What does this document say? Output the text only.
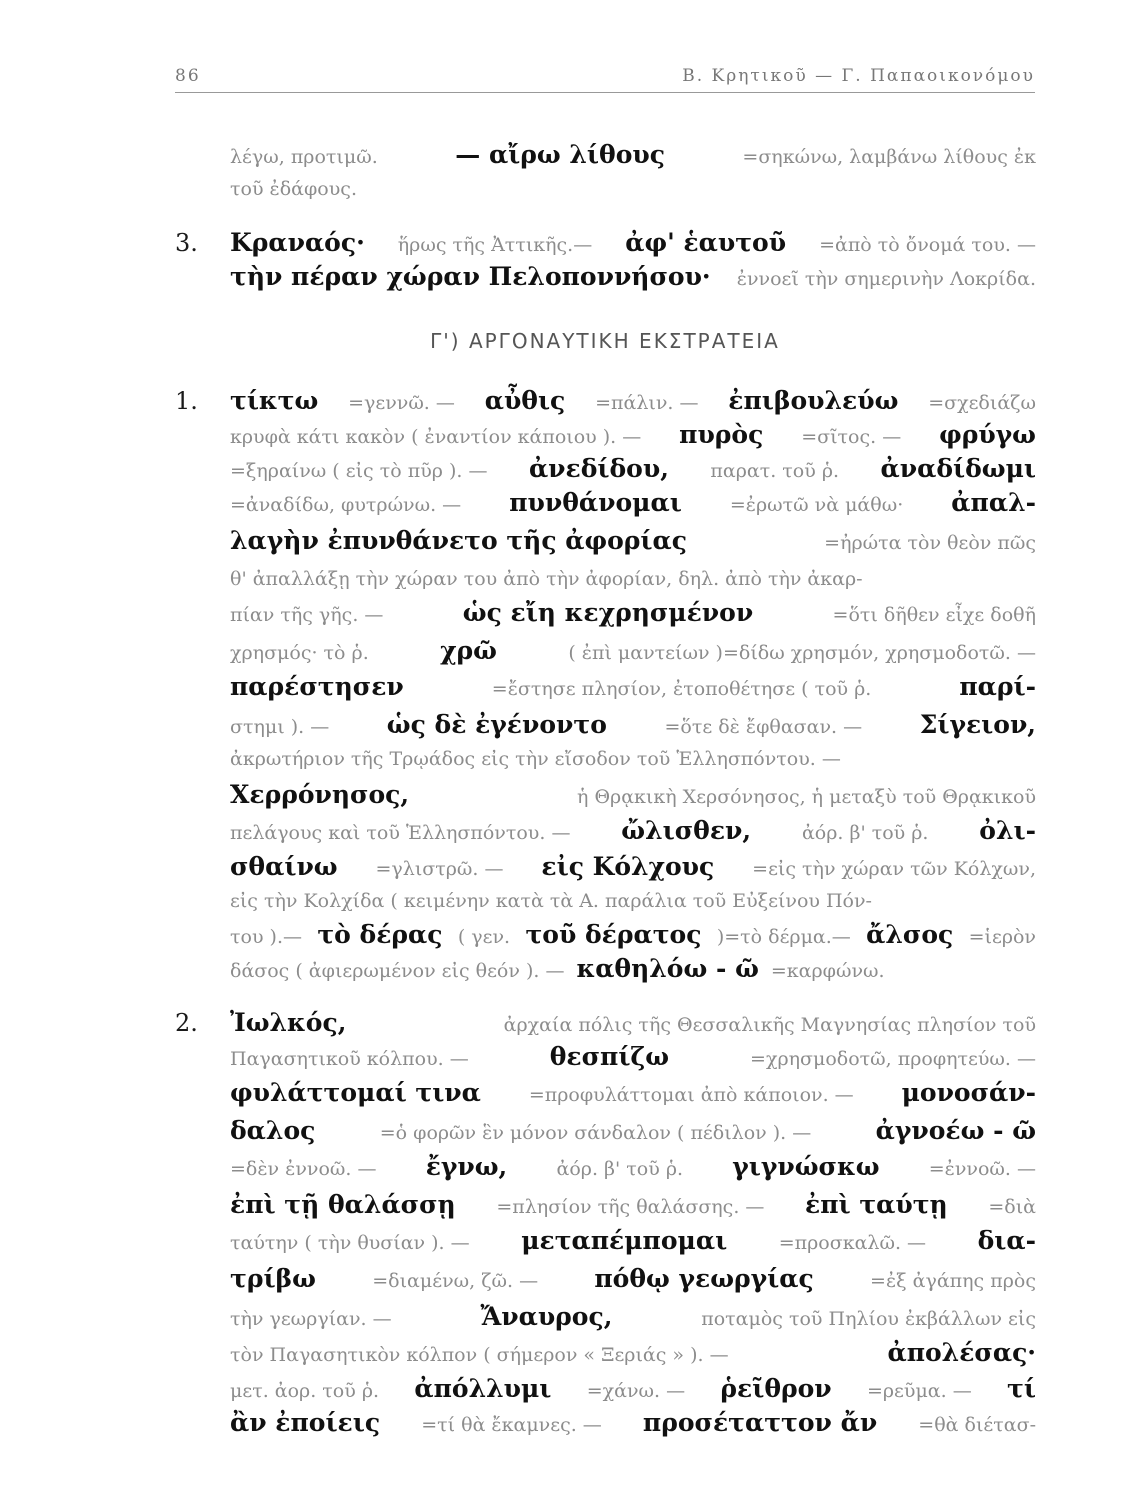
86	Β. Κρητικοῦ — Γ. Παπαοικονόμου
λέγω, προτιμῶ.	— αἴρω λίθους	=σηκώνω, λαμβάνω λίθους ἐκ
τοῦ ἐδάφους.
3.	Κραναός· ἥρως τῆς Ἀττικῆς.— ἀφ' ἑαυτοῦ =ἀπὸ τὸ ὄνομά του. —
τὴν πέραν χώραν Πελοποννήσου· ἐννοεῖ τὴν σημερινὴν Λοκρίδα.
Γ') ΑΡΓΟΝΑΥΤΙΚΗ ΕΚΣΤΡΑΤΕΙΑ
1.	τίκτω =γεννῶ. — αὖθις =πάλιν. — ἐπιβουλεύω =σχεδιάζω
κρυφὰ κάτι κακὸν ( ἐναντίον κάποιου ). — πυρὸς =σῖτος. — φρύγω
=ξηραίνω ( εἰς τὸ πῦρ ). — ἀνεδίδου, παρατ. τοῦ ῥ. ἀναδίδωμι
=ἀναδίδω, φυτρώνω. — πυνθάνομαι	=ἐρωτῶ νὰ μάθω· ἀπαλ-
λαγὴν ἐπυνθάνετο τῆς ἀφορίας	=ἠρώτα τὸν θεὸν πῶς
θ' ἀπαλλάξῃ τὴν χώραν του ἀπὸ τὴν ἀφορίαν, δηλ. ἀπὸ τὴν ἀκαρ-
πίαν τῆς γῆς. —	ὡς εἴη κεχρησμένον	=ὅτι δῆθεν εἶχε δοθῆ
χρησμός· τὸ ῥ.	χρῶ	( ἐπὶ μαντείων )=δίδω χρησμόν, χρησμοδοτῶ. —
παρέστησεν	=ἔστησε πλησίον, ἐτοποθέτησε ( τοῦ ῥ.	παρί-
στημι ). — ὡς δὲ ἐγένοντο	=ὅτε δὲ ἔφθασαν. — Σίγειον,
ἀκρωτήριον τῆς Τρῳάδος εἰς τὴν εἴσοδον τοῦ Ἑλλησπόντου. —
Χερρόνησος,	ἡ Θρᾳκικὴ Χερσόνησος, ἡ μεταξὺ τοῦ Θρᾳκικοῦ
πελάγους καὶ τοῦ Ἑλλησπόντου. — ὤλισθεν,	ἀόρ. β' τοῦ ῥ. ὀλι-
σθαίνω =γλιστρῶ. — εἰς Κόλχους =εἰς τὴν χώραν τῶν Κόλχων,
εἰς τὴν Κολχίδα ( κειμένην κατὰ τὰ Α. παράλια τοῦ Εὐξείνου Πόν-
του ).— τὸ δέρας ( γεν. τοῦ δέρατος )=τὸ δέρμα.— ἄλσος =ἱερὸν
δάσος ( ἀφιερωμένον εἰς θεόν ). — καθηλόω - ῶ =καρφώνω.
2.	Ἰωλκός,	ἀρχαία πόλις τῆς Θεσσαλικῆς Μαγνησίας πλησίον τοῦ
Παγασητικοῦ κόλπου. —	θεσπίζω	=χρησμοδοτῶ, προφητεύω. —
φυλάττομαί τινα	=προφυλάττομαι ἀπὸ κάποιον. — μονοσάν-
δαλος	=ὁ φορῶν ἓν μόνον σάνδαλον ( πέδιλον ). —	ἀγνοέω - ῶ
=δὲν ἐννοῶ. — ἔγνω,	ἀόρ. β' τοῦ ῥ. γιγνώσκω	=ἐννοῶ. —
ἐπὶ τῇ θαλάσσῃ =πλησίον τῆς θαλάσσης. — ἐπὶ ταύτῃ =διὰ
ταύτην ( τὴν θυσίαν ). — μεταπέμπομαι	=προσκαλῶ. — δια-
τρίβω	=διαμένω, ζῶ. — πόθῳ γεωργίας	=ἐξ ἀγάπης πρὸς
τὴν γεωργίαν. —	Ἄναυρος,	ποταμὸς τοῦ Πηλίου ἐκβάλλων εἰς
τὸν Παγασητικὸν κόλπον ( σήμερον « Ξεριάς » ). —	ἀπολέσας·
μετ. ἀορ. τοῦ ῥ. ἀπόλλυμι =χάνω. — ῥεῖθρον =ρεῦμα. — τί
ἂν ἐποίεις =τί θὰ ἔκαμνες. — προσέταττον ἄν =θὰ διέτασ-
